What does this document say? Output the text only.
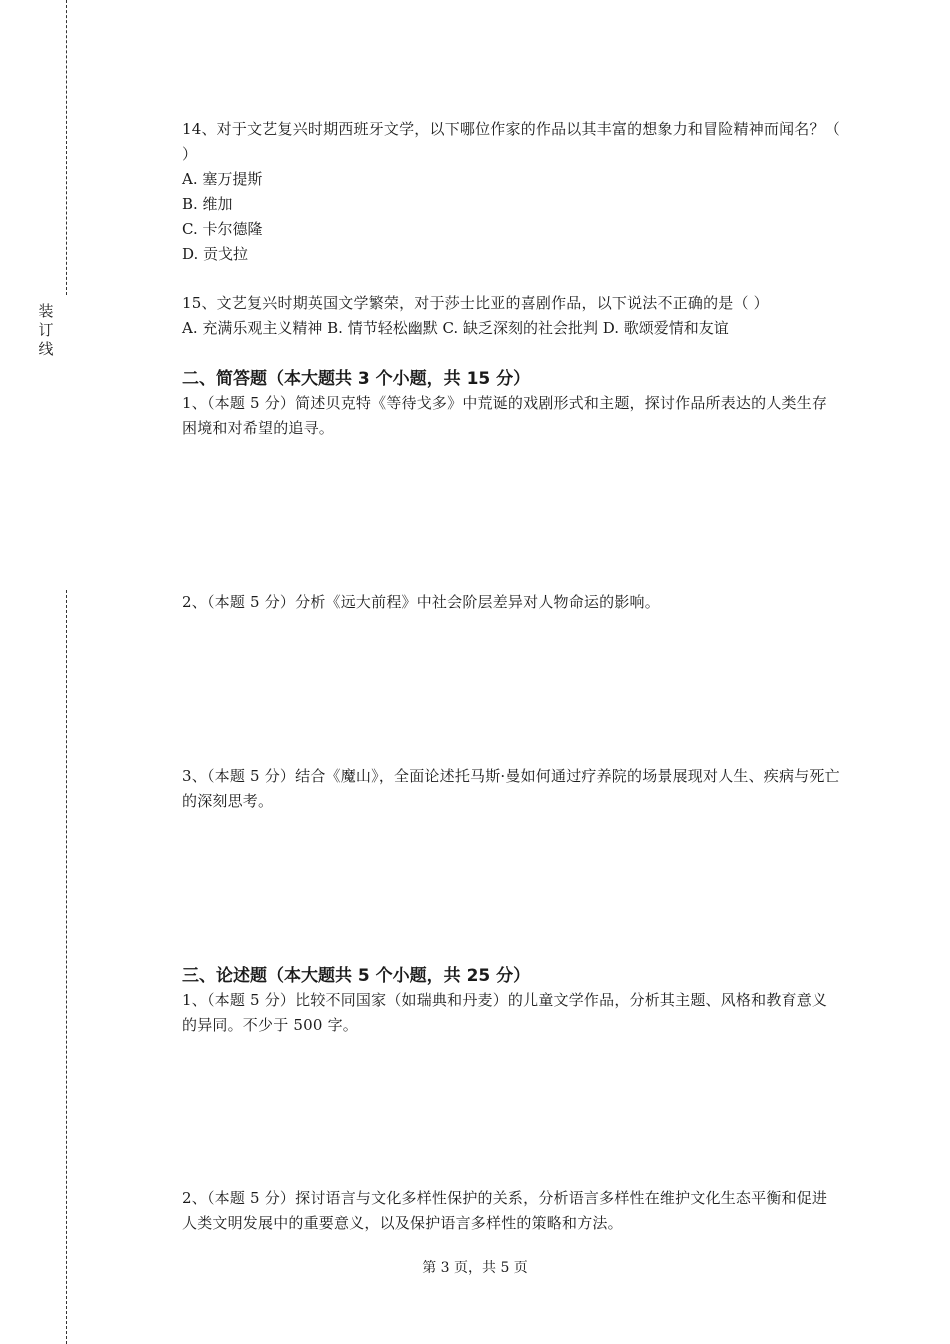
装
订
线
14、对于文艺复兴时期西班牙文学，以下哪位作家的作品以其丰富的想象力和冒险精神而闻名？（ ）
A. 塞万提斯
B. 维加
C. 卡尔德隆
D. 贡戈拉
15、文艺复兴时期英国文学繁荣，对于莎士比亚的喜剧作品，以下说法不正确的是（ ）
A. 充满乐观主义精神 B. 情节轻松幽默 C. 缺乏深刻的社会批判 D. 歌颂爱情和友谊
二、简答题（本大题共 3 个小题，共 15 分）
1、（本题 5 分）简述贝克特《等待戈多》中荒诞的戏剧形式和主题，探讨作品所表达的人类生存困境和对希望的追寻。
2、（本题 5 分）分析《远大前程》中社会阶层差异对人物命运的影响。
3、（本题 5 分）结合《魔山》，全面论述托马斯·曼如何通过疗养院的场景展现对人生、疾病与死亡的深刻思考。
三、论述题（本大题共 5 个小题，共 25 分）
1、（本题 5 分）比较不同国家（如瑞典和丹麦）的儿童文学作品，分析其主题、风格和教育意义的异同。不少于 500 字。
2、（本题 5 分）探讨语言与文化多样性保护的关系，分析语言多样性在维护文化生态平衡和促进人类文明发展中的重要意义，以及保护语言多样性的策略和方法。
第 3 页，共 5 页
